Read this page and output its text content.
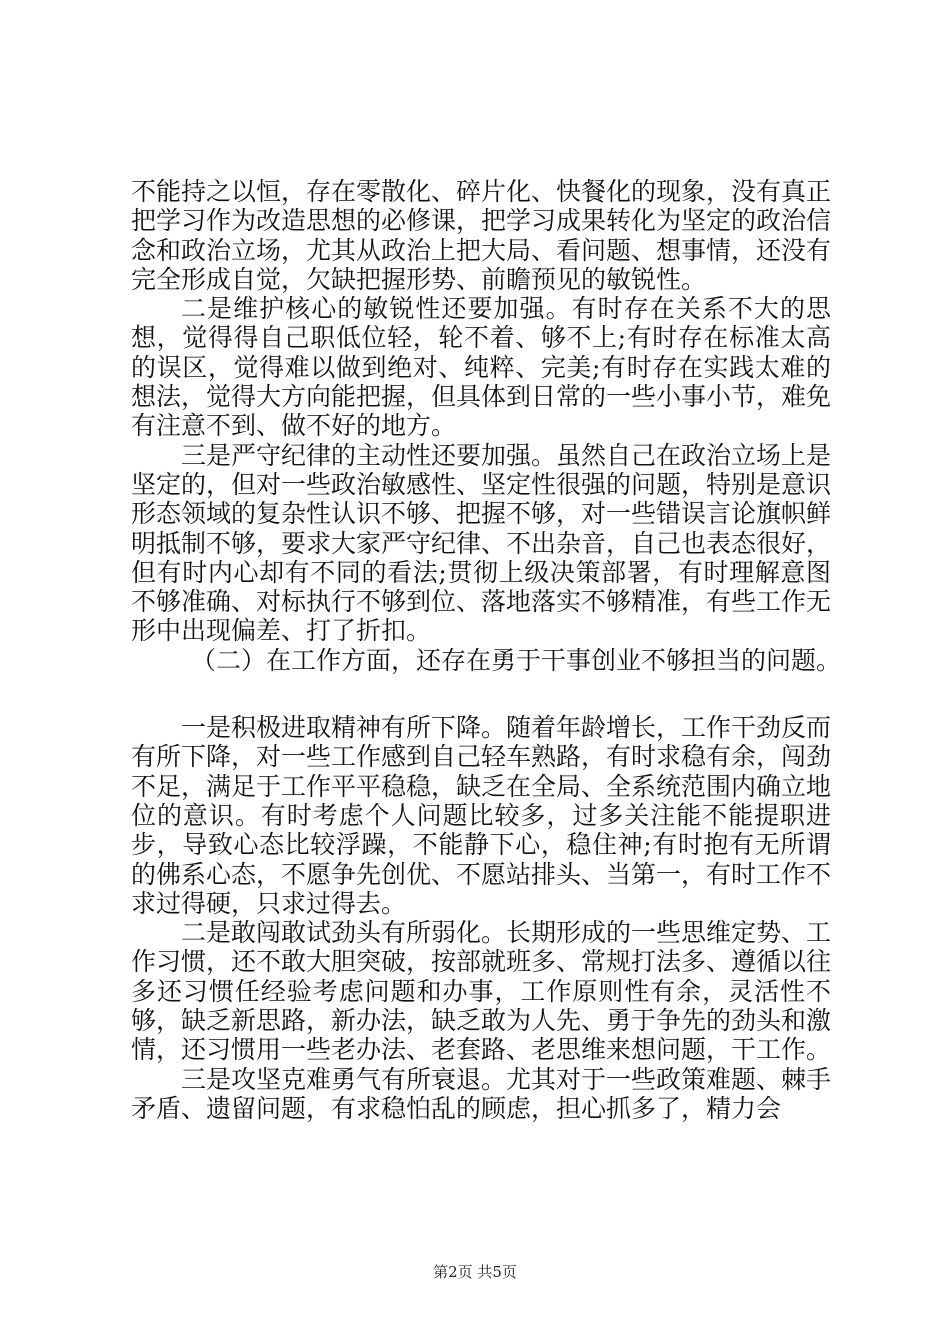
不能持之以恒，存在零散化、碎片化、快餐化的现象，没有真正把学习作为改造思想的必修课，把学习成果转化为坚定的政治信念和政治立场，尤其从政治上把大局、看问题、想事情，还没有完全形成自觉，欠缺把握形势、前瞻预见的敏锐性。

二是维护核心的敏锐性还要加强。有时存在关系不大的思想，觉得得自己职低位轻，轮不着、够不上;有时存在标准太高的误区，觉得难以做到绝对、纯粹、完美;有时存在实践太难的想法，觉得大方向能把握，但具体到日常的一些小事小节，难免有注意不到、做不好的地方。

三是严守纪律的主动性还要加强。虽然自己在政治立场上是坚定的，但对一些政治敏感性、坚定性很强的问题，特别是意识形态领域的复杂性认识不够、把握不够，对一些错误言论旗帜鲜明抵制不够，要求大家严守纪律、不出杂音，自己也表态很好，但有时内心却有不同的看法;贯彻上级决策部署，有时理解意图不够准确、对标执行不够到位、落地落实不够精准，有些工作无形中出现偏差、打了折扣。

（二）在工作方面，还存在勇于干事创业不够担当的问题。

一是积极进取精神有所下降。随着年龄增长，工作干劲反而有所下降，对一些工作感到自己轻车熟路，有时求稳有余，闯劲不足，满足于工作平平稳稳，缺乏在全局、全系统范围内确立地位的意识。有时考虑个人问题比较多，过多关注能不能提职进步，导致心态比较浮躁，不能静下心，稳住神;有时抱有无所谓的佛系心态，不愿争先创优、不愿站排头、当第一，有时工作不求过得硬，只求过得去。

二是敢闯敢试劲头有所弱化。长期形成的一些思维定势、工作习惯，还不敢大胆突破，按部就班多、常规打法多、遵循以往多还习惯任经验考虑问题和办事，工作原则性有余，灵活性不够，缺乏新思路，新办法，缺乏敢为人先、勇于争先的劲头和激情，还习惯用一些老办法、老套路、老思维来想问题，干工作。

三是攻坚克难勇气有所衰退。尤其对于一些政策难题、棘手矛盾、遗留问题，有求稳怕乱的顾虑，担心抓多了，精力会

第2页 共5页
